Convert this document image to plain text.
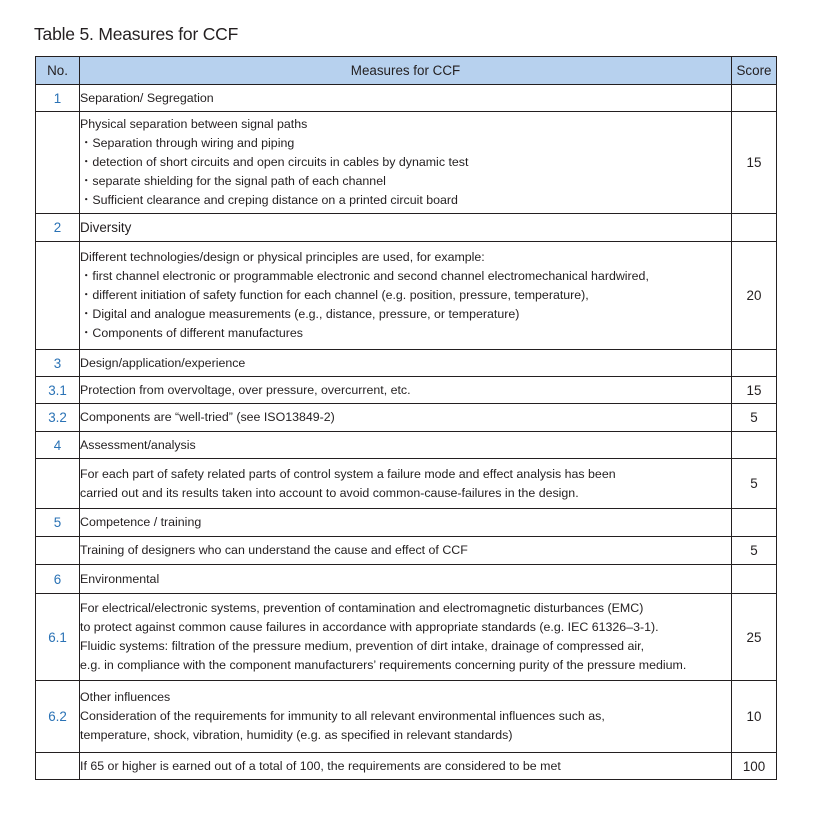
Table 5. Measures for CCF
No.	Measures for CCF	Score
1	Separation/ Segregation	

	Physical separation between signal paths
・Separation through wiring and piping
・detection of short circuits and open circuits in cables by dynamic test
・separate shielding for the signal path of each channel
・Sufficient clearance and creping distance on a printed circuit board	15
2	Diversity	

	Different technologies/design or physical principles are used, for example:
・first channel electronic or programmable electronic and second channel electromechanical hardwired,
・different initiation of safety function for each channel (e.g. position, pressure, temperature),
・Digital and analogue measurements (e.g., distance, pressure, or temperature)
・Components of different manufactures	20
3	Design/application/experience	

3.1	Protection from overvoltage, over pressure, overcurrent, etc.	15
3.2	Components are “well-tried” (see ISO13849-2)	5
4	Assessment/analysis	

	For each part of safety related parts of control system a failure mode and effect analysis has been
carried out and its results taken into account to avoid common-cause-failures in the design.	5
5	Competence / training	

	Training of designers who can understand the cause and effect of CCF	5
6	Environmental	

6.1	For electrical/electronic systems, prevention of contamination and electromagnetic disturbances (EMC)
to protect against common cause failures in accordance with appropriate standards (e.g. IEC 61326–3-1).
Fluidic systems: filtration of the pressure medium, prevention of dirt intake, drainage of compressed air,
e.g. in compliance with the component manufacturers’ requirements concerning purity of the pressure medium.	25
6.2	Other influences
Consideration of the requirements for immunity to all relevant environmental influences such as,
temperature, shock, vibration, humidity (e.g. as specified in relevant standards)	10

	If 65 or higher is earned out of a total of 100, the requirements are considered to be met	100
